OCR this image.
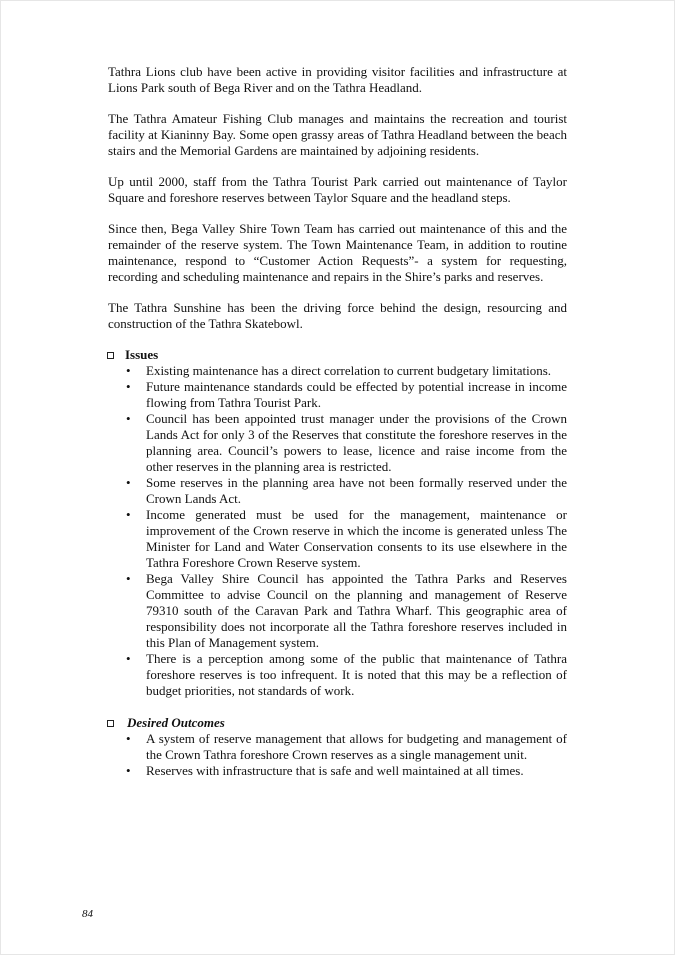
Tathra Lions club have been active in providing visitor facilities and infrastructure at Lions Park south of Bega River and on the Tathra Headland.

The Tathra Amateur Fishing Club manages and maintains the recreation and tourist facility at Kianinny Bay. Some open grassy areas of Tathra Headland between the beach stairs and the Memorial Gardens are maintained by adjoining residents.

Up until 2000, staff from the Tathra Tourist Park carried out maintenance of Taylor Square and foreshore reserves between Taylor Square and the headland steps.

Since then, Bega Valley Shire Town Team has carried out maintenance of this and the remainder of the reserve system. The Town Maintenance Team, in addition to routine maintenance, respond to “Customer Action Requests”- a system for requesting, recording and scheduling maintenance and repairs in the Shire’s parks and reserves.

The Tathra Sunshine has been the driving force behind the design, resourcing and construction of the Tathra Skatebowl.

Issues
• Existing maintenance has a direct correlation to current budgetary limitations.
• Future maintenance standards could be effected by potential increase in income flowing from Tathra Tourist Park.
• Council has been appointed trust manager under the provisions of the Crown Lands Act for only 3 of the Reserves that constitute the foreshore reserves in the planning area. Council’s powers to lease, licence and raise income from the other reserves in the planning area is restricted.
• Some reserves in the planning area have not been formally reserved under the Crown Lands Act.
• Income generated must be used for the management, maintenance or improvement of the Crown reserve in which the income is generated unless The Minister for Land and Water Conservation consents to its use elsewhere in the Tathra Foreshore Crown Reserve system.
• Bega Valley Shire Council has appointed the Tathra Parks and Reserves Committee to advise Council on the planning and management of Reserve 79310 south of the Caravan Park and Tathra Wharf. This geographic area of responsibility does not incorporate all the Tathra foreshore reserves included in this Plan of Management system.
• There is a perception among some of the public that maintenance of Tathra foreshore reserves is too infrequent. It is noted that this may be a reflection of budget priorities, not standards of work.
Desired Outcomes
• A system of reserve management that allows for budgeting and management of the Crown Tathra foreshore Crown reserves as a single management unit.
• Reserves with infrastructure that is safe and well maintained at all times.
84
